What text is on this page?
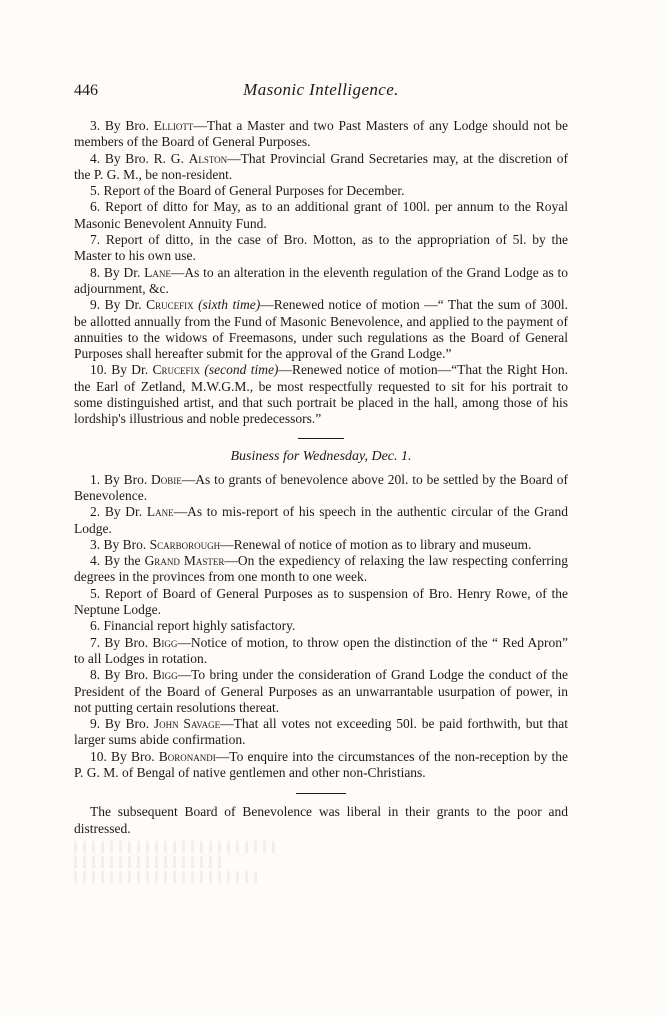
446	Masonic Intelligence.

3. By Bro. Elliott—That a Master and two Past Masters of any Lodge should not be members of the Board of General Purposes.

4. By Bro. R. G. Alston—That Provincial Grand Secretaries may, at the discretion of the P. G. M., be non-resident.

5. Report of the Board of General Purposes for December.

6. Report of ditto for May, as to an additional grant of 100l. per annum to the Royal Masonic Benevolent Annuity Fund.

7. Report of ditto, in the case of Bro. Motton, as to the appropriation of 5l. by the Master to his own use.

8. By Dr. Lane—As to an alteration in the eleventh regulation of the Grand Lodge as to adjournment, &c.

9. By Dr. Crucefix (sixth time)—Renewed notice of motion —“ That the sum of 300l. be allotted annually from the Fund of Masonic Benevolence, and applied to the payment of annuities to the widows of Freemasons, under such regulations as the Board of General Purposes shall hereafter submit for the approval of the Grand Lodge.”

10. By Dr. Crucefix (second time)—Renewed notice of motion—“That the Right Hon. the Earl of Zetland, M.W.G.M., be most respectfully requested to sit for his portrait to some distinguished artist, and that such portrait be placed in the hall, among those of his lordship's illustrious and noble predecessors.”

Business for Wednesday, Dec. 1.

1. By Bro. Dobie—As to grants of benevolence above 20l. to be settled by the Board of Benevolence.

2. By Dr. Lane—As to mis-report of his speech in the authentic circular of the Grand Lodge.

3. By Bro. Scarborough—Renewal of notice of motion as to library and museum.

4. By the Grand Master—On the expediency of relaxing the law respecting conferring degrees in the provinces from one month to one week.

5. Report of Board of General Purposes as to suspension of Bro. Henry Rowe, of the Neptune Lodge.

6. Financial report highly satisfactory.

7. By Bro. Bigg—Notice of motion, to throw open the distinction of the “ Red Apron” to all Lodges in rotation.

8. By Bro. Bigg—To bring under the consideration of Grand Lodge the conduct of the President of the Board of General Purposes as an unwarrantable usurpation of power, in not putting certain resolutions thereat.

9. By Bro. John Savage—That all votes not exceeding 50l. be paid forthwith, but that larger sums abide confirmation.

10. By Bro. Boronandi—To enquire into the circumstances of the non-reception by the P. G. M. of Bengal of native gentlemen and other non-Christians.

The subsequent Board of Benevolence was liberal in their grants to the poor and distressed.
